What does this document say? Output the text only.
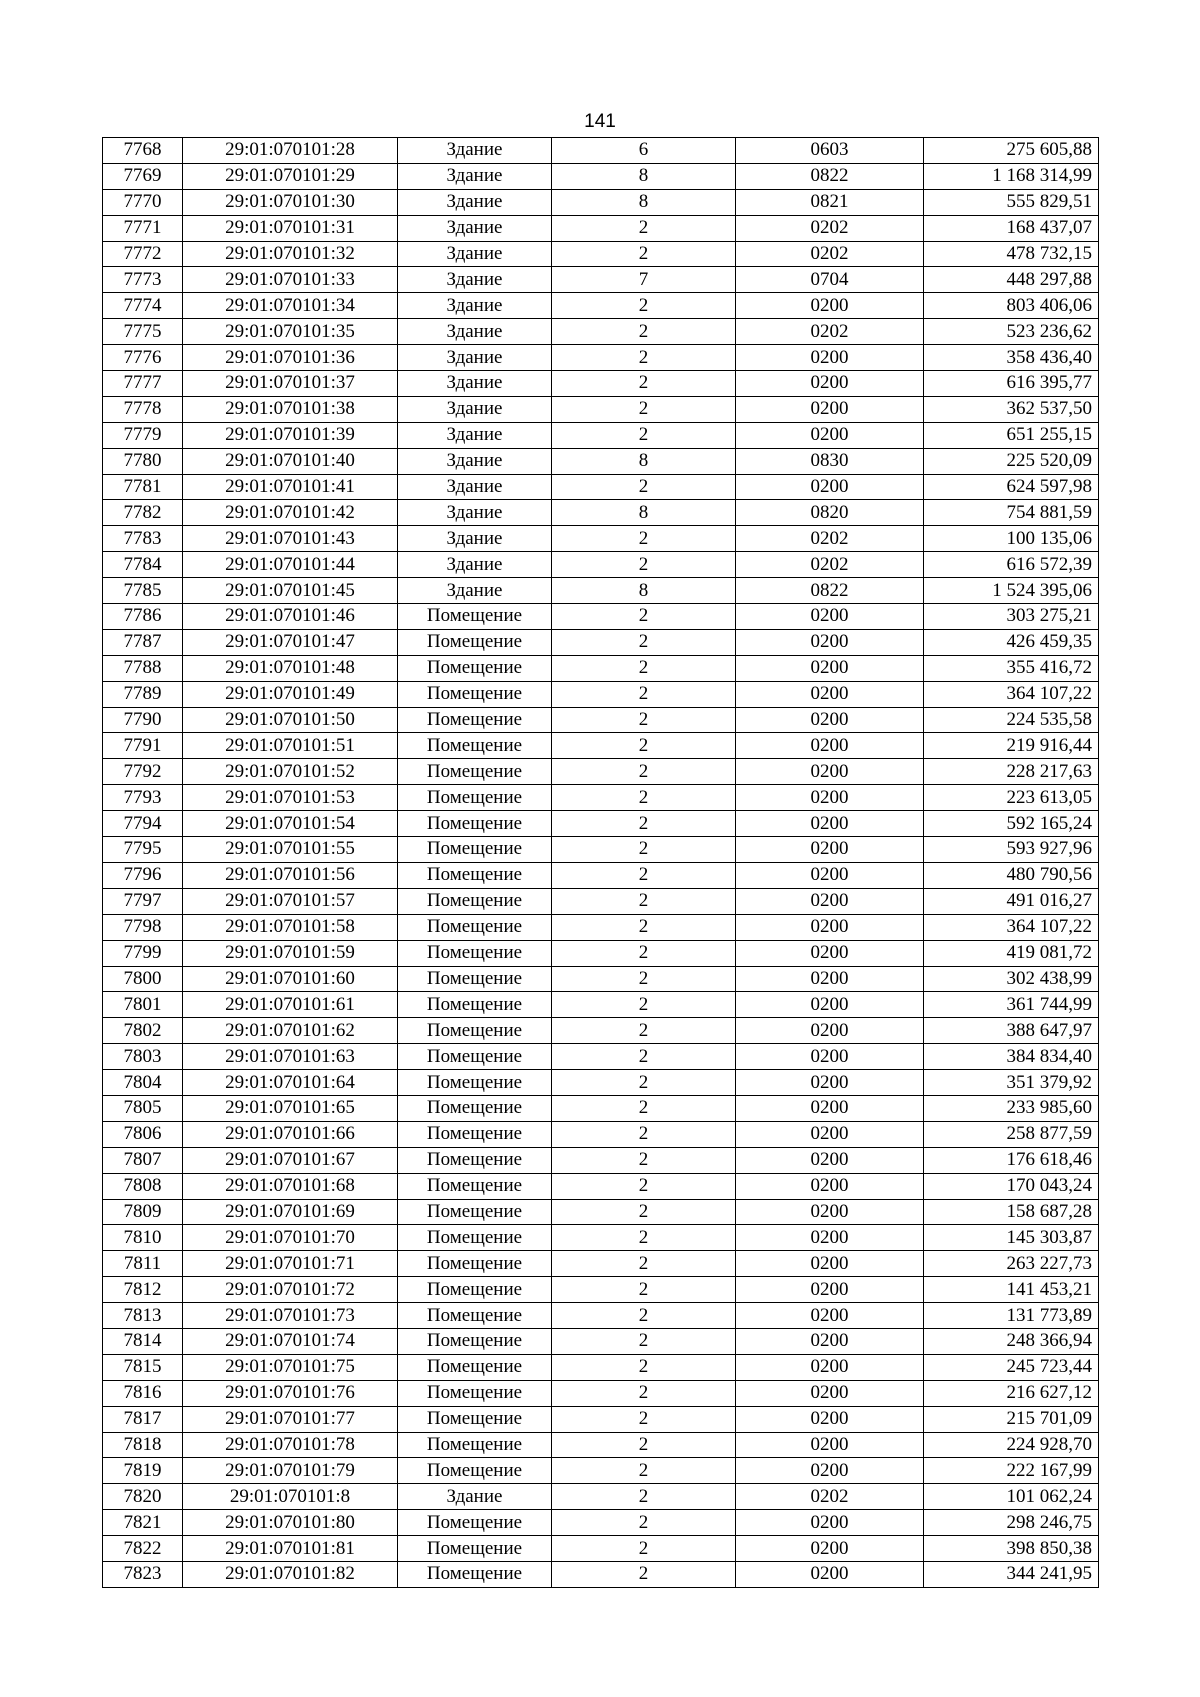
141
7768	29:01:070101:28	Здание	6	0603	275 605,88
7769	29:01:070101:29	Здание	8	0822	1 168 314,99
7770	29:01:070101:30	Здание	8	0821	555 829,51
7771	29:01:070101:31	Здание	2	0202	168 437,07
7772	29:01:070101:32	Здание	2	0202	478 732,15
7773	29:01:070101:33	Здание	7	0704	448 297,88
7774	29:01:070101:34	Здание	2	0200	803 406,06
7775	29:01:070101:35	Здание	2	0202	523 236,62
7776	29:01:070101:36	Здание	2	0200	358 436,40
7777	29:01:070101:37	Здание	2	0200	616 395,77
7778	29:01:070101:38	Здание	2	0200	362 537,50
7779	29:01:070101:39	Здание	2	0200	651 255,15
7780	29:01:070101:40	Здание	8	0830	225 520,09
7781	29:01:070101:41	Здание	2	0200	624 597,98
7782	29:01:070101:42	Здание	8	0820	754 881,59
7783	29:01:070101:43	Здание	2	0202	100 135,06
7784	29:01:070101:44	Здание	2	0202	616 572,39
7785	29:01:070101:45	Здание	8	0822	1 524 395,06
7786	29:01:070101:46	Помещение	2	0200	303 275,21
7787	29:01:070101:47	Помещение	2	0200	426 459,35
7788	29:01:070101:48	Помещение	2	0200	355 416,72
7789	29:01:070101:49	Помещение	2	0200	364 107,22
7790	29:01:070101:50	Помещение	2	0200	224 535,58
7791	29:01:070101:51	Помещение	2	0200	219 916,44
7792	29:01:070101:52	Помещение	2	0200	228 217,63
7793	29:01:070101:53	Помещение	2	0200	223 613,05
7794	29:01:070101:54	Помещение	2	0200	592 165,24
7795	29:01:070101:55	Помещение	2	0200	593 927,96
7796	29:01:070101:56	Помещение	2	0200	480 790,56
7797	29:01:070101:57	Помещение	2	0200	491 016,27
7798	29:01:070101:58	Помещение	2	0200	364 107,22
7799	29:01:070101:59	Помещение	2	0200	419 081,72
7800	29:01:070101:60	Помещение	2	0200	302 438,99
7801	29:01:070101:61	Помещение	2	0200	361 744,99
7802	29:01:070101:62	Помещение	2	0200	388 647,97
7803	29:01:070101:63	Помещение	2	0200	384 834,40
7804	29:01:070101:64	Помещение	2	0200	351 379,92
7805	29:01:070101:65	Помещение	2	0200	233 985,60
7806	29:01:070101:66	Помещение	2	0200	258 877,59
7807	29:01:070101:67	Помещение	2	0200	176 618,46
7808	29:01:070101:68	Помещение	2	0200	170 043,24
7809	29:01:070101:69	Помещение	2	0200	158 687,28
7810	29:01:070101:70	Помещение	2	0200	145 303,87
7811	29:01:070101:71	Помещение	2	0200	263 227,73
7812	29:01:070101:72	Помещение	2	0200	141 453,21
7813	29:01:070101:73	Помещение	2	0200	131 773,89
7814	29:01:070101:74	Помещение	2	0200	248 366,94
7815	29:01:070101:75	Помещение	2	0200	245 723,44
7816	29:01:070101:76	Помещение	2	0200	216 627,12
7817	29:01:070101:77	Помещение	2	0200	215 701,09
7818	29:01:070101:78	Помещение	2	0200	224 928,70
7819	29:01:070101:79	Помещение	2	0200	222 167,99
7820	29:01:070101:8	Здание	2	0202	101 062,24
7821	29:01:070101:80	Помещение	2	0200	298 246,75
7822	29:01:070101:81	Помещение	2	0200	398 850,38
7823	29:01:070101:82	Помещение	2	0200	344 241,95
